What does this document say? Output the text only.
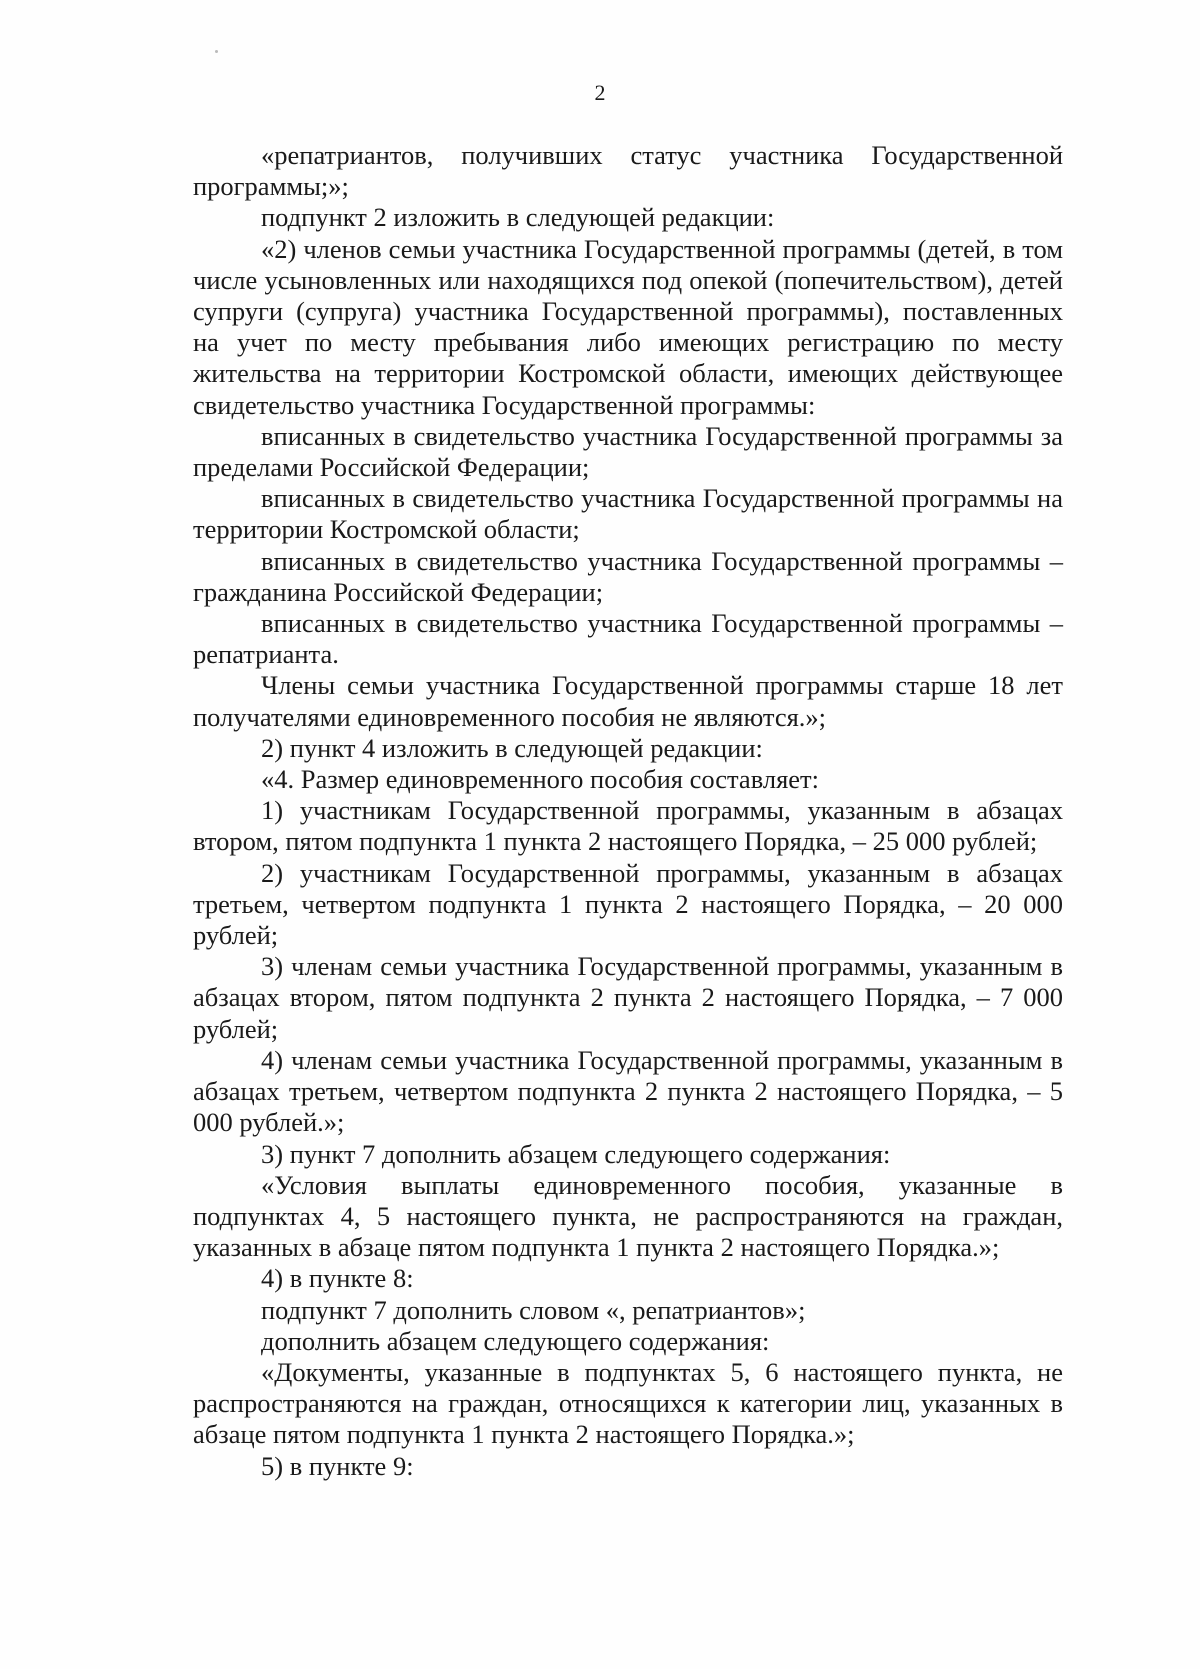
2

«репатриантов, получивших статус участника Государственной программы;»;

подпункт 2 изложить в следующей редакции:

«2) членов семьи участника Государственной программы (детей, в том числе усыновленных или находящихся под опекой (попечительством), детей супруги (супруга) участника Государственной программы), поставленных на учет по месту пребывания либо имеющих регистрацию по месту жительства на территории Костромской области, имеющих действующее свидетельство участника Государственной программы:

вписанных в свидетельство участника Государственной программы за пределами Российской Федерации;

вписанных в свидетельство участника Государственной программы на территории Костромской области;

вписанных в свидетельство участника Государственной программы – гражданина Российской Федерации;

вписанных в свидетельство участника Государственной программы – репатрианта.

Члены семьи участника Государственной программы старше 18 лет получателями единовременного пособия не являются.»;

2) пункт 4 изложить в следующей редакции:

«4. Размер единовременного пособия составляет:

1) участникам Государственной программы, указанным в абзацах втором, пятом подпункта 1 пункта 2 настоящего Порядка, – 25 000 рублей;

2) участникам Государственной программы, указанным в абзацах третьем, четвертом подпункта 1 пункта 2 настоящего Порядка, – 20 000 рублей;

3) членам семьи участника Государственной программы, указанным в абзацах втором, пятом подпункта 2 пункта 2 настоящего Порядка, – 7 000 рублей;

4) членам семьи участника Государственной программы, указанным в абзацах третьем, четвертом подпункта 2 пункта 2 настоящего Порядка, – 5 000 рублей.»;

3) пункт 7 дополнить абзацем следующего содержания:

«Условия выплаты единовременного пособия, указанные в подпунктах 4, 5 настоящего пункта, не распространяются на граждан, указанных в абзаце пятом подпункта 1 пункта 2 настоящего Порядка.»;

4) в пункте 8:

подпункт 7 дополнить словом «, репатриантов»;

дополнить абзацем следующего содержания:

«Документы, указанные в подпунктах 5, 6 настоящего пункта, не распространяются на граждан, относящихся к категории лиц, указанных в абзаце пятом подпункта 1 пункта 2 настоящего Порядка.»;

5) в пункте 9:
